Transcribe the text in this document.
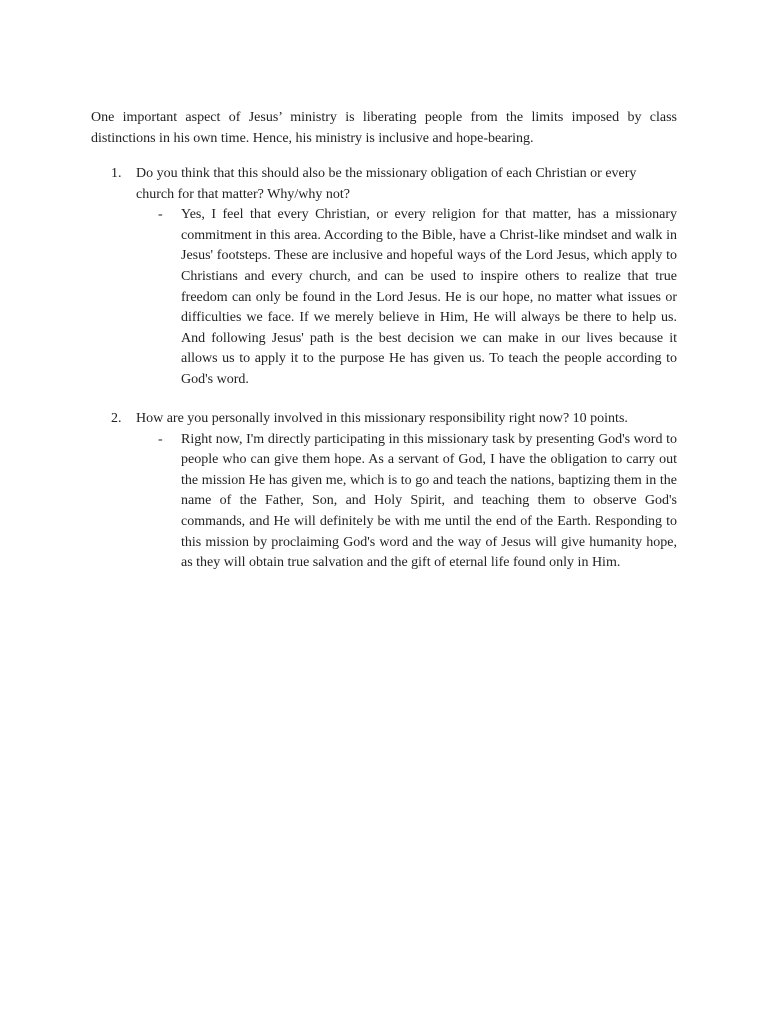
One important aspect of Jesus’ ministry is liberating people from the limits imposed by class distinctions in his own time. Hence, his ministry is inclusive and hope-bearing.

1. Do you think that this should also be the missionary obligation of each Christian or every church for that matter? Why/why not?

- Yes, I feel that every Christian, or every religion for that matter, has a missionary commitment in this area. According to the Bible, have a Christ-like mindset and walk in Jesus' footsteps. These are inclusive and hopeful ways of the Lord Jesus, which apply to Christians and every church, and can be used to inspire others to realize that true freedom can only be found in the Lord Jesus. He is our hope, no matter what issues or difficulties we face. If we merely believe in Him, He will always be there to help us. And following Jesus' path is the best decision we can make in our lives because it allows us to apply it to the purpose He has given us. To teach the people according to God's word.

2. How are you personally involved in this missionary responsibility right now? 10 points.

- Right now, I'm directly participating in this missionary task by presenting God's word to people who can give them hope. As a servant of God, I have the obligation to carry out the mission He has given me, which is to go and teach the nations, baptizing them in the name of the Father, Son, and Holy Spirit, and teaching them to observe God's commands, and He will definitely be with me until the end of the Earth. Responding to this mission by proclaiming God's word and the way of Jesus will give humanity hope, as they will obtain true salvation and the gift of eternal life found only in Him.
